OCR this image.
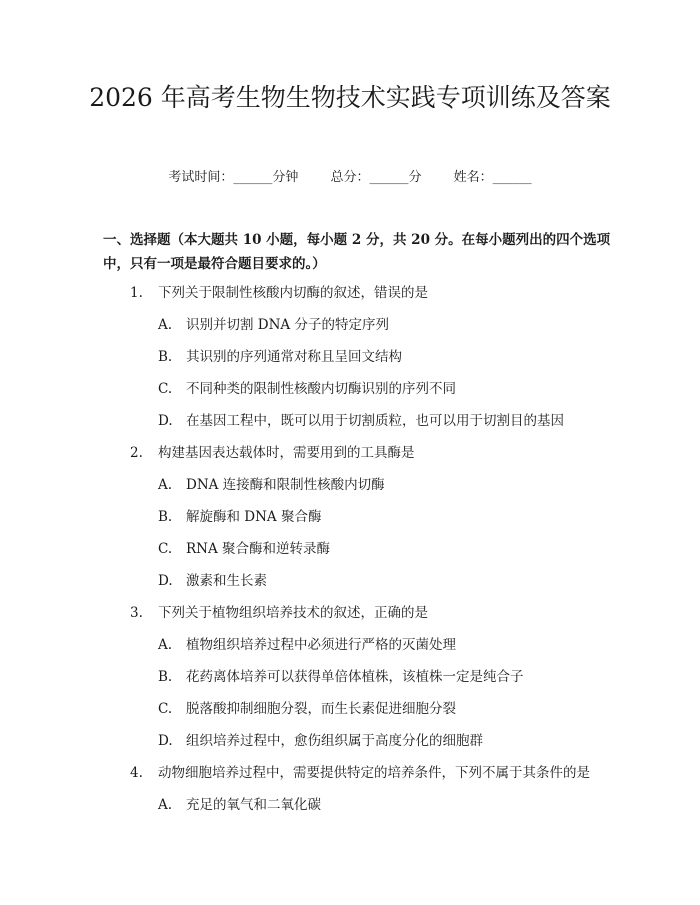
2026 年高考生物生物技术实践专项训练及答案
考试时间：______分钟 总分：______分 姓名：______
一、选择题（本大题共 10 小题，每小题 2 分，共 20 分。在每小题列出的四个选项中，只有一项是最符合题目要求的。）
1. 下列关于限制性核酸内切酶的叙述，错误的是
A. 识别并切割 DNA 分子的特定序列
B. 其识别的序列通常对称且呈回文结构
C. 不同种类的限制性核酸内切酶识别的序列不同
D. 在基因工程中，既可以用于切割质粒，也可以用于切割目的基因
2. 构建基因表达载体时，需要用到的工具酶是
A. DNA 连接酶和限制性核酸内切酶
B. 解旋酶和 DNA 聚合酶
C. RNA 聚合酶和逆转录酶
D. 激素和生长素
3. 下列关于植物组织培养技术的叙述，正确的是
A. 植物组织培养过程中必须进行严格的灭菌处理
B. 花药离体培养可以获得单倍体植株，该植株一定是纯合子
C. 脱落酸抑制细胞分裂，而生长素促进细胞分裂
D. 组织培养过程中，愈伤组织属于高度分化的细胞群
4. 动物细胞培养过程中，需要提供特定的培养条件，下列不属于其条件的是
A. 充足的氧气和二氧化碳
